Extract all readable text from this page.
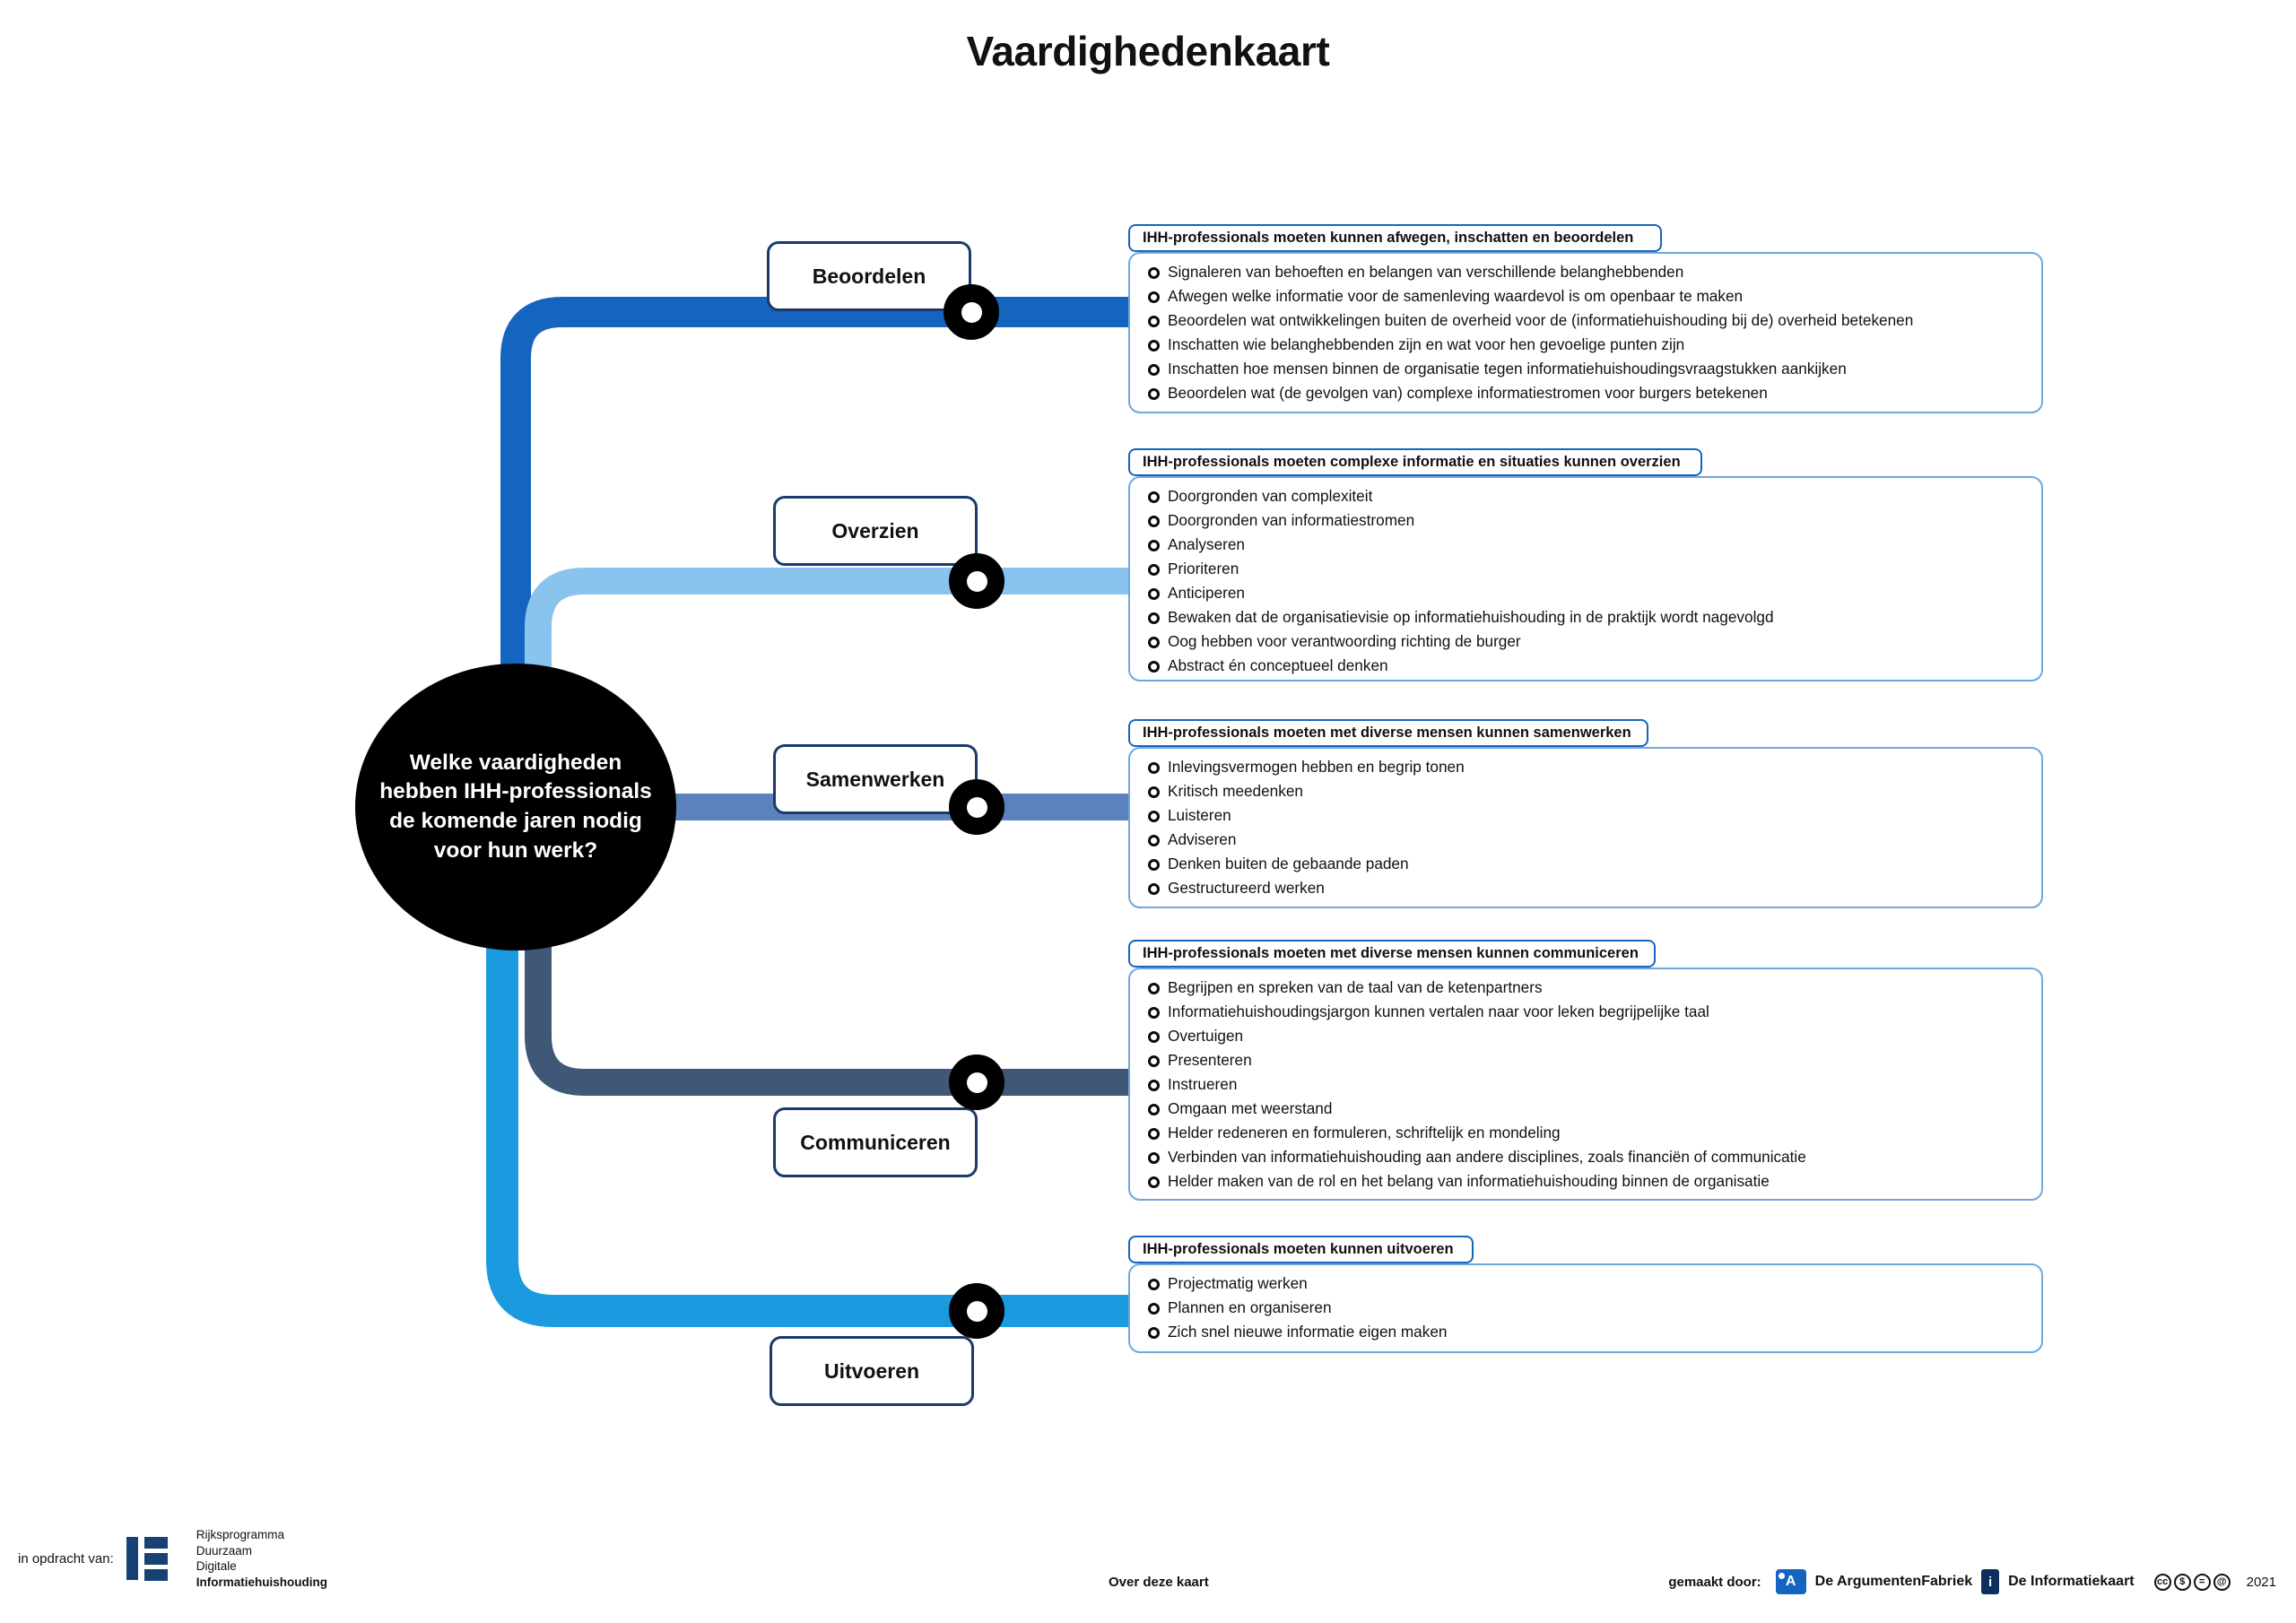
Vaardighedenkaart
Welke vaardigheden hebben IHH-professionals de komende jaren nodig voor hun werk?
Beoordelen
Overzien
Samenwerken
Communiceren
Uitvoeren
IHH-professionals moeten kunnen afwegen, inschatten en beoordelen
Signaleren van behoeften en belangen van verschillende belanghebbenden
Afwegen welke informatie voor de samenleving waardevol is om openbaar te maken
Beoordelen wat ontwikkelingen buiten de overheid voor de (informatiehuishouding bij de) overheid betekenen
Inschatten wie belanghebbenden zijn en wat voor hen gevoelige punten zijn
Inschatten hoe mensen binnen de organisatie tegen informatiehuishoudingsvraagstukken aankijken
Beoordelen wat (de gevolgen van) complexe informatiestromen voor burgers betekenen
IHH-professionals moeten complexe informatie en situaties kunnen overzien
Doorgronden van complexiteit
Doorgronden van informatiestromen
Analyseren
Prioriteren
Anticiperen
Bewaken dat de organisatievisie op informatiehuishouding in de praktijk wordt nagevolgd
Oog hebben voor verantwoording richting de burger
Abstract én conceptueel denken
IHH-professionals moeten met diverse mensen kunnen samenwerken
Inlevingsvermogen hebben en begrip tonen
Kritisch meedenken
Luisteren
Adviseren
Denken buiten de gebaande paden
Gestructureerd werken
IHH-professionals moeten met diverse mensen kunnen communiceren
Begrijpen en spreken van de taal van de ketenpartners
Informatiehuishoudingsjargon kunnen vertalen naar voor leken begrijpelijke taal
Overtuigen
Presenteren
Instrueren
Omgaan met weerstand
Helder redeneren en formuleren, schriftelijk en mondeling
Verbinden van informatiehuishouding aan andere disciplines, zoals financiën of communicatie
Helder maken van de rol en het belang van informatiehuishouding binnen de organisatie
IHH-professionals moeten kunnen uitvoeren
Projectmatig werken
Plannen en organiseren
Zich snel nieuwe informatie eigen maken
in opdracht van:
Rijksprogramma
Duurzaam
Digitale
Informatiehuishouding	Over deze kaart	gemaakt door:	A	De ArgumentenFabriek	i	De Informatiekaart	cc	$	=	@ 2021
